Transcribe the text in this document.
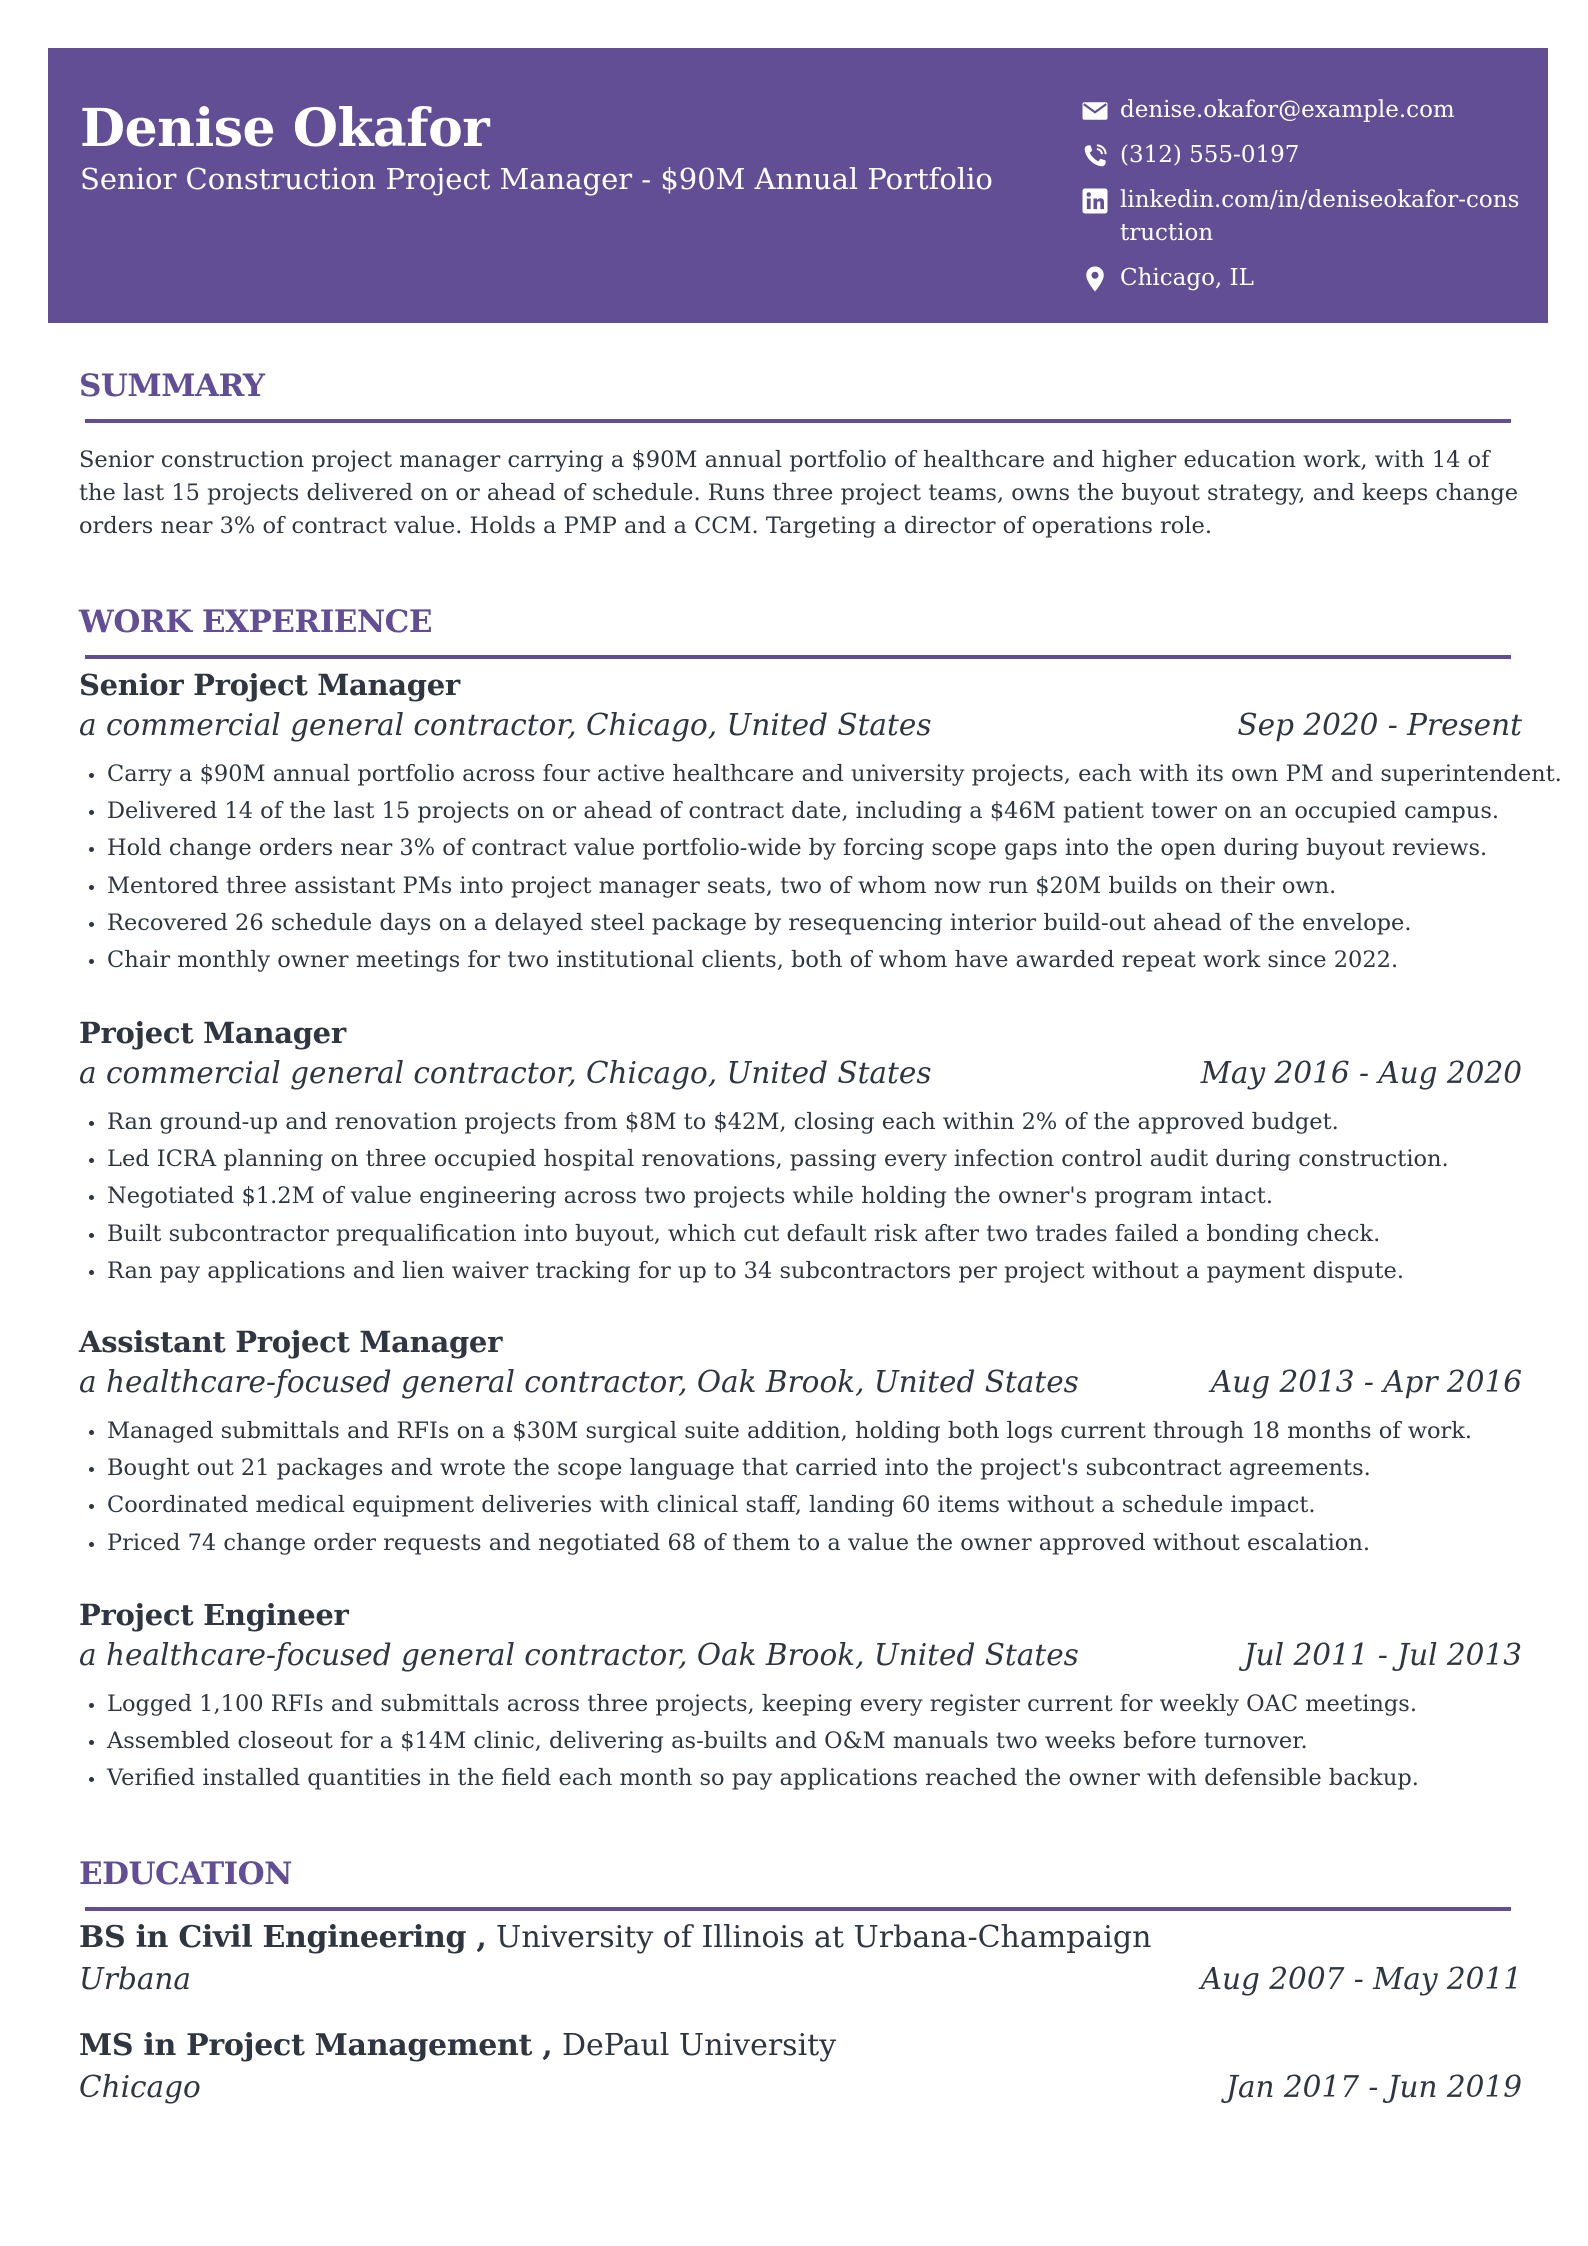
Denise Okafor
Senior Construction Project Manager - $90M Annual Portfolio
denise.okafor@example.com
(312) 555-0197
linkedin.com/in/deniseokafor-construction
Chicago, IL
SUMMARY
Senior construction project manager carrying a $90M annual portfolio of healthcare and higher education work, with 14 of the last 15 projects delivered on or ahead of schedule. Runs three project teams, owns the buyout strategy, and keeps change orders near 3% of contract value. Holds a PMP and a CCM. Targeting a director of operations role.
WORK EXPERIENCE
Senior Project Manager
a commercial general contractor, Chicago, United States	Sep 2020 - Present
Carry a $90M annual portfolio across four active healthcare and university projects, each with its own PM and superintendent.
Delivered 14 of the last 15 projects on or ahead of contract date, including a $46M patient tower on an occupied campus.
Hold change orders near 3% of contract value portfolio-wide by forcing scope gaps into the open during buyout reviews.
Mentored three assistant PMs into project manager seats, two of whom now run $20M builds on their own.
Recovered 26 schedule days on a delayed steel package by resequencing interior build-out ahead of the envelope.
Chair monthly owner meetings for two institutional clients, both of whom have awarded repeat work since 2022.
Project Manager
a commercial general contractor, Chicago, United States	May 2016 - Aug 2020
Ran ground-up and renovation projects from $8M to $42M, closing each within 2% of the approved budget.
Led ICRA planning on three occupied hospital renovations, passing every infection control audit during construction.
Negotiated $1.2M of value engineering across two projects while holding the owner's program intact.
Built subcontractor prequalification into buyout, which cut default risk after two trades failed a bonding check.
Ran pay applications and lien waiver tracking for up to 34 subcontractors per project without a payment dispute.
Assistant Project Manager
a healthcare-focused general contractor, Oak Brook, United States	Aug 2013 - Apr 2016
Managed submittals and RFIs on a $30M surgical suite addition, holding both logs current through 18 months of work.
Bought out 21 packages and wrote the scope language that carried into the project's subcontract agreements.
Coordinated medical equipment deliveries with clinical staff, landing 60 items without a schedule impact.
Priced 74 change order requests and negotiated 68 of them to a value the owner approved without escalation.
Project Engineer
a healthcare-focused general contractor, Oak Brook, United States	Jul 2011 - Jul 2013
Logged 1,100 RFIs and submittals across three projects, keeping every register current for weekly OAC meetings.
Assembled closeout for a $14M clinic, delivering as-builts and O&M manuals two weeks before turnover.
Verified installed quantities in the field each month so pay applications reached the owner with defensible backup.
EDUCATION
BS in Civil Engineering , University of Illinois at Urbana-Champaign
Urbana	Aug 2007 - May 2011
MS in Project Management , DePaul University
Chicago	Jan 2017 - Jun 2019
